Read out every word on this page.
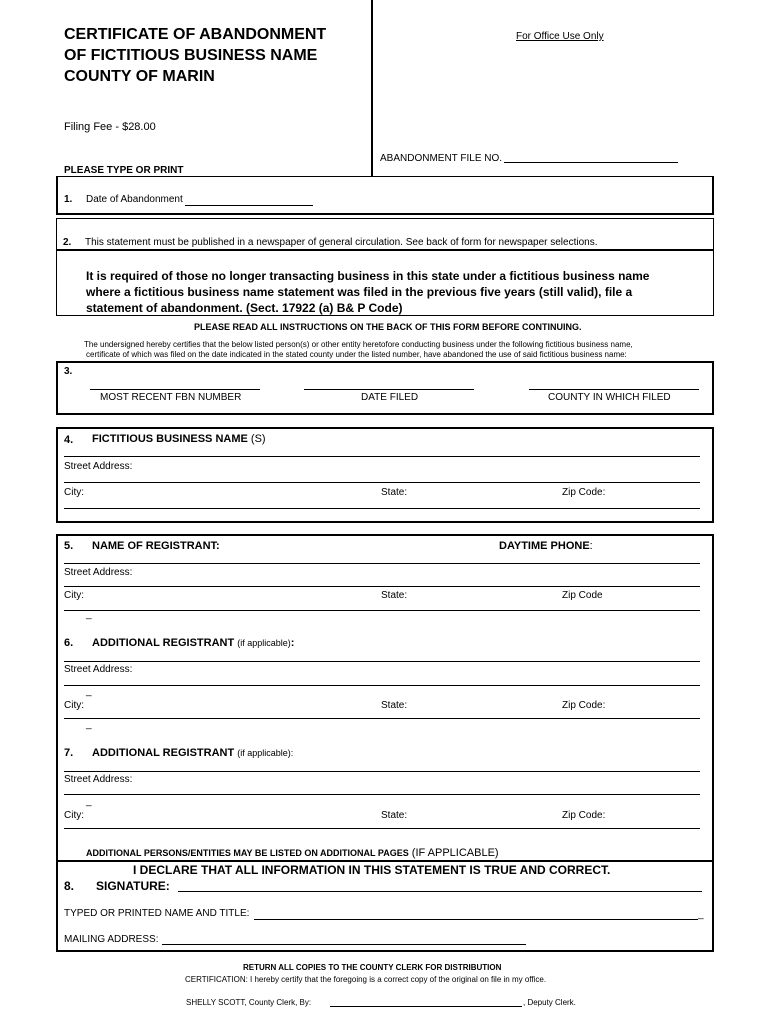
CERTIFICATE OF ABANDONMENT
OF FICTITIOUS BUSINESS NAME
COUNTY OF MARIN
For Office Use Only
Filing Fee - $28.00
ABANDONMENT FILE NO.
PLEASE TYPE OR PRINT
1. Date of Abandonment
2. This statement must be published in a newspaper of general circulation. See back of form for newspaper selections.
It is required of those no longer transacting business in this state under a fictitious business name
where a fictitious business name statement was filed in the previous five years (still valid), file a
statement of abandonment. (Sect. 17922 (a) B& P Code)
PLEASE READ ALL INSTRUCTIONS ON THE BACK OF THIS FORM BEFORE CONTINUING.
The undersigned hereby certifies that the below listed person(s) or other entity heretofore conducting business under the following fictitious business name,
certificate of which was filed on the date indicated in the stated county under the listed number, have abandoned the use of said fictitious business name:
3.
MOST RECENT FBN NUMBER	DATE FILED	COUNTY IN WHICH FILED
4. FICTITIOUS BUSINESS NAME (S)
Street Address:
City:	State:	Zip Code:
5. NAME OF REGISTRANT:	DAYTIME PHONE:
Street Address:
City:	State:	Zip Code
_
6. ADDITIONAL REGISTRANT (if applicable):
Street Address:
_
City:	State:	Zip Code:
_
7. ADDITIONAL REGISTRANT (if applicable):
Street Address:
_
City:	State:	Zip Code:
ADDITIONAL PERSONS/ENTITIES MAY BE LISTED ON ADDITIONAL PAGES (IF APPLICABLE)
I DECLARE THAT ALL INFORMATION IN THIS STATEMENT IS TRUE AND CORRECT.
8. SIGNATURE:
TYPED OR PRINTED NAME AND TITLE:	_
MAILING ADDRESS:
RETURN ALL COPIES TO THE COUNTY CLERK FOR DISTRIBUTION
CERTIFICATION: I hereby certify that the foregoing is a correct copy of the original on file in my office.
SHELLY SCOTT, County Clerk, By:	, Deputy Clerk.
